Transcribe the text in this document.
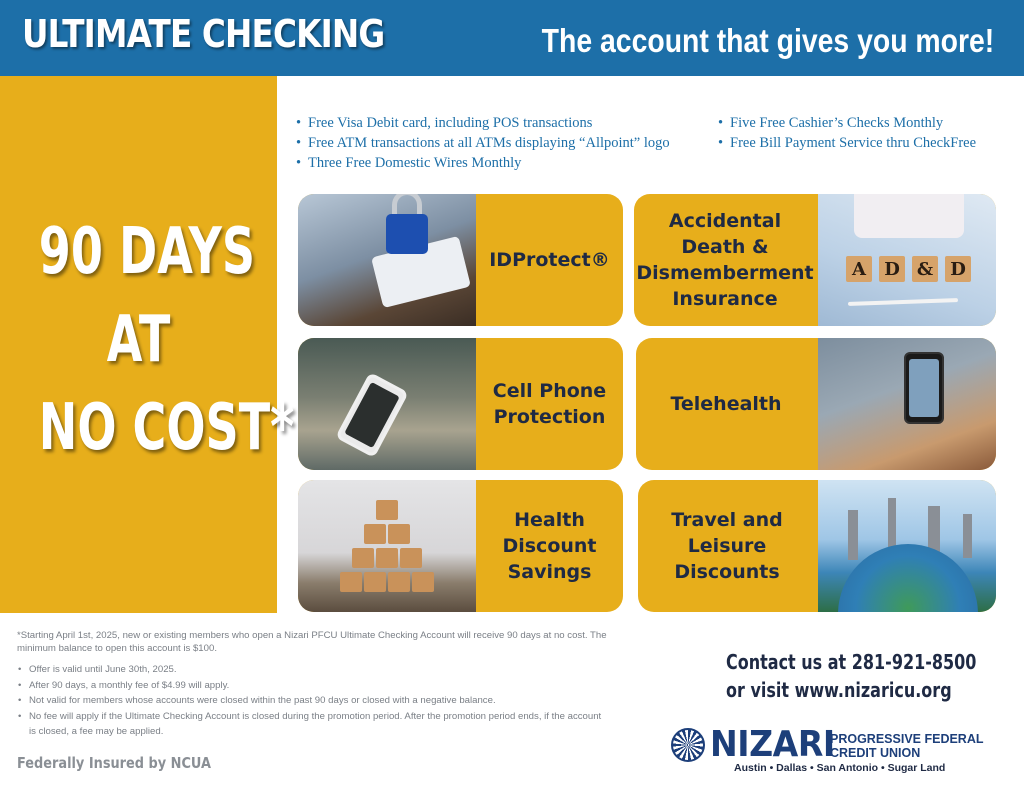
ULTIMATE CHECKING	The account that gives you more!
90 DAYS
AT
NO COST*
• Free Visa Debit card, including POS transactions
• Free ATM transactions at all ATMs displaying “Allpoint” logo
• Three Free Domestic Wires Monthly
• Five Free Cashier’s Checks Monthly
• Free Bill Payment Service thru CheckFree
IDProtect®
Accidental
Death &
Dismemberment
Insurance
A	D & D
Cell Phone
Protection
Telehealth
Health
Discount
Savings
Travel and
Leisure
Discounts

*Starting April 1st, 2025, new or existing members who open a Nizari PFCU Ultimate Checking Account will receive 90 days at no cost. The minimum balance to open this account is $100.

• Offer is valid until June 30th, 2025.
• After 90 days, a monthly fee of $4.99 will apply.
• Not valid for members whose accounts were closed within the past 90 days or closed with a negative balance.
• No fee will apply if the Ultimate Checking Account is closed during the promotion period. After the promotion period ends, if the account is closed, a fee may be applied.
Federally Insured by NCUA
Contact us at 281-921-8500
or visit www.nizaricu.org
NIZARI
PROGRESSIVE FEDERAL
CREDIT UNION
Austin • Dallas • San Antonio • Sugar Land
